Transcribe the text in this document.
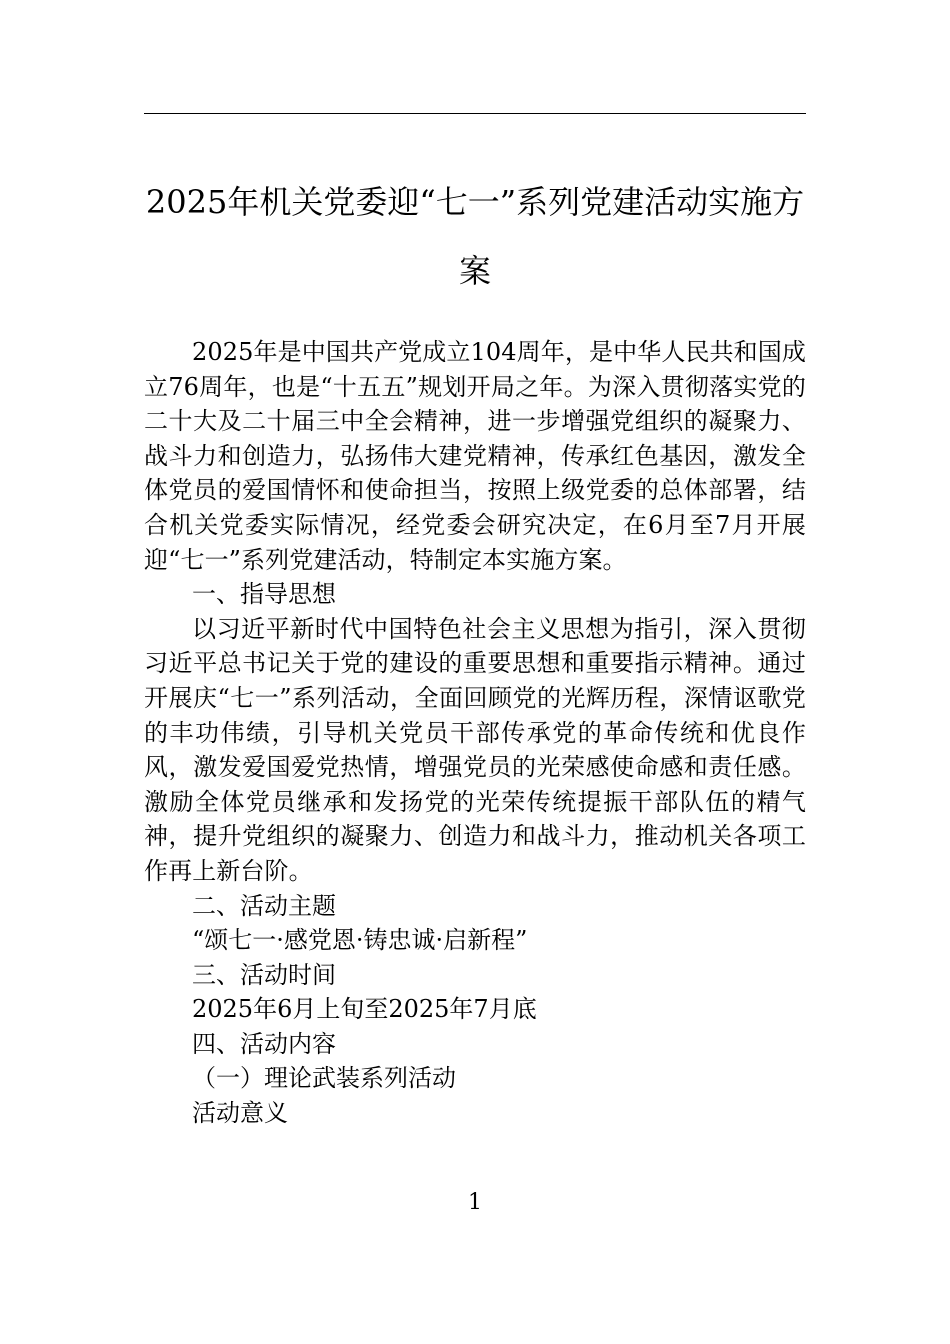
2025年机关党委迎“七一”系列党建活动实施方案

2025年是中国共产党成立104周年，是中华人民共和国成立76周年，也是“十五五”规划开局之年。为深入贯彻落实党的二十大及二十届三中全会精神，进一步增强党组织的凝聚力、战斗力和创造力，弘扬伟大建党精神，传承红色基因，激发全体党员的爱国情怀和使命担当，按照上级党委的总体部署，结合机关党委实际情况，经党委会研究决定，在6月至7月开展迎“七一”系列党建活动，特制定本实施方案。

一、指导思想

以习近平新时代中国特色社会主义思想为指引，深入贯彻习近平总书记关于党的建设的重要思想和重要指示精神。通过开展庆“七一”系列活动，全面回顾党的光辉历程，深情讴歌党的丰功伟绩，引导机关党员干部传承党的革命传统和优良作风，激发爱国爱党热情，增强党员的光荣感使命感和责任感。激励全体党员继承和发扬党的光荣传统提振干部队伍的精气神，提升党组织的凝聚力、创造力和战斗力，推动机关各项工作再上新台阶。

二、活动主题

“颂七一·感党恩·铸忠诚·启新程”

三、活动时间

2025年6月上旬至2025年7月底

四、活动内容

（一）理论武装系列活动

活动意义

1
